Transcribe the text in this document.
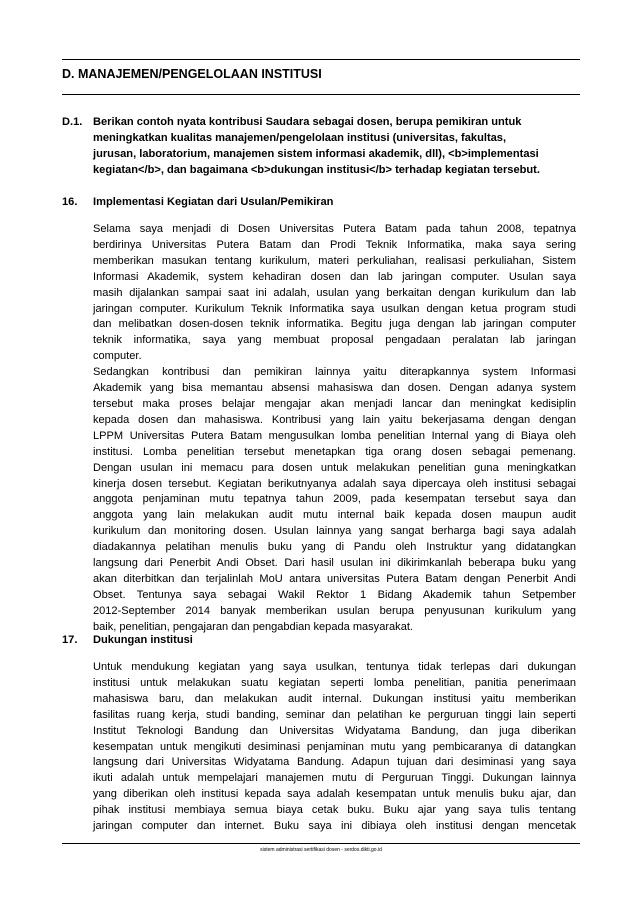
D. MANAJEMEN/PENGELOLAAN INSTITUSI
D.1. Berikan contoh nyata kontribusi Saudara sebagai dosen, berupa pemikiran untuk
meningkatkan kualitas manajemen/pengelolaan institusi (universitas, fakultas,
jurusan, laboratorium, manajemen sistem informasi akademik, dll), <b>implementasi
kegiatan</b>, dan bagaimana <b>dukungan institusi</b> terhadap kegiatan tersebut.
16. Implementasi Kegiatan dari Usulan/Pemikiran
Selama saya menjadi di Dosen Universitas Putera Batam pada tahun 2008, tepatnya
berdirinya Universitas Putera Batam dan Prodi Teknik Informatika, maka saya sering
memberikan masukan tentang kurikulum, materi perkuliahan, realisasi perkuliahan, Sistem
Informasi Akademik, system kehadiran dosen dan lab jaringan computer. Usulan saya
masih dijalankan sampai saat ini adalah, usulan yang berkaitan dengan kurikulum dan lab
jaringan computer. Kurikulum Teknik Informatika saya usulkan dengan ketua program studi
dan melibatkan dosen-dosen teknik informatika. Begitu juga dengan lab jaringan computer
teknik informatika, saya yang membuat proposal pengadaan peralatan lab jaringan
computer.
Sedangkan kontribusi dan pemikiran lainnya yaitu diterapkannya system Informasi
Akademik yang bisa memantau absensi mahasiswa dan dosen. Dengan adanya system
tersebut maka proses belajar mengajar akan menjadi lancar dan meningkat kedisiplin
kepada dosen dan mahasiswa. Kontribusi yang lain yaitu bekerjasama dengan dengan
LPPM Universitas Putera Batam mengusulkan lomba penelitian Internal yang di Biaya oleh
institusi. Lomba penelitian tersebut menetapkan tiga orang dosen sebagai pemenang.
Dengan usulan ini memacu para dosen untuk melakukan penelitian guna meningkatkan
kinerja dosen tersebut. Kegiatan berikutnyanya adalah saya dipercaya oleh institusi sebagai
anggota penjaminan mutu tepatnya tahun 2009, pada kesempatan tersebut saya dan
anggota yang lain melakukan audit mutu internal baik kepada dosen maupun audit
kurikulum dan monitoring dosen. Usulan lainnya yang sangat berharga bagi saya adalah
diadakannya pelatihan menulis buku yang di Pandu oleh Instruktur yang didatangkan
langsung dari Penerbit Andi Obset. Dari hasil usulan ini dikirimkanlah beberapa buku yang
akan diterbitkan dan terjalinlah MoU antara universitas Putera Batam dengan Penerbit Andi
Obset. Tentunya saya sebagai Wakil Rektor 1 Bidang Akademik tahun Setpember
2012-September 2014 banyak memberikan usulan berupa penyusunan kurikulum yang
baik, penelitian, pengajaran dan pengabdian kepada masyarakat.
17. Dukungan institusi
Untuk mendukung kegiatan yang saya usulkan, tentunya tidak terlepas dari dukungan
institusi untuk melakukan suatu kegiatan seperti lomba penelitian, panitia penerimaan
mahasiswa baru, dan melakukan audit internal. Dukungan institusi yaitu memberikan
fasilitas ruang kerja, studi banding, seminar dan pelatihan ke perguruan tinggi lain seperti
Institut Teknologi Bandung dan Universitas Widyatama Bandung, dan juga diberikan
kesempatan untuk mengikuti desiminasi penjaminan mutu yang pembicaranya di datangkan
langsung dari Universitas Widyatama Bandung. Adapun tujuan dari desiminasi yang saya
ikuti adalah untuk mempelajari manajemen mutu di Perguruan Tinggi. Dukungan lainnya
yang diberikan oleh institusi kepada saya adalah kesempatan untuk menulis buku ajar, dan
pihak institusi membiaya semua biaya cetak buku. Buku ajar yang saya tulis tentang
jaringan computer dan internet. Buku saya ini dibiaya oleh institusi dengan mencetak
sistem administrasi sertifikasi dosen - serdos.dikti.go.id
